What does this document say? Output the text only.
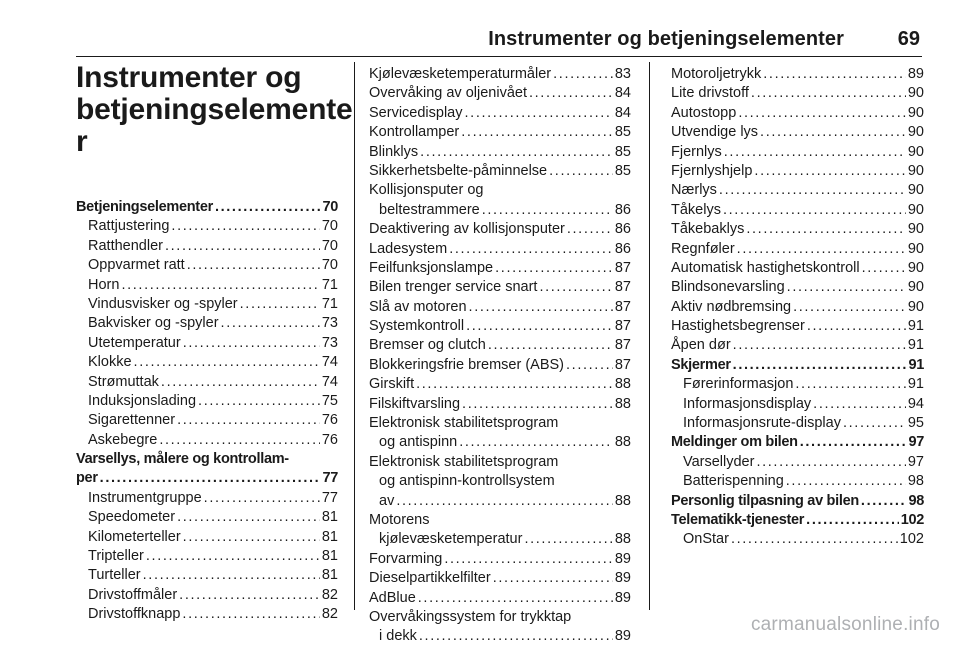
Instrumenter og betjeningselementer	69
Instrumenter og
betjeningselemente
r
Betjeningselementer . . .	70
Rattjustering . . .	70
Ratthendler . . .	70
Oppvarmet ratt . . .	70
Horn . . .	71
Vindusvisker og -spyler . . .	71
Bakvisker og -spyler . . .	73
Utetemperatur . . .	73
Klokke . . .	74
Strømuttak . . .	74
Induksjonslading . . .	75
Sigarettenner . . .	76
Askebegre . . .	76
Varsellys, målere og kontrollam-
per . . .	77
Instrumentgruppe . . .	77
Speedometer . . .	81
Kilometerteller . . .	81
Tripteller . . .	81
Turteller . . .	81
Drivstoffmåler . . .	82
Drivstoffknapp . . .	82
Kjølevæsketemperaturmåler . . .	83
Overvåking av oljenivået . . .	84
Servicedisplay . . .	84
Kontrollamper . . .	85
Blinklys . . .	85
Sikkerhetsbelte-påminnelse . . .	85
Kollisjonsputer og
beltestrammere . . .	86
Deaktivering av kollisjonsputer . . .	86
Ladesystem . . .	86
Feilfunksjonslampe . . .	87
Bilen trenger service snart . . .	87
Slå av motoren . . .	87
Systemkontroll . . .	87
Bremser og clutch . . .	87
Blokkeringsfrie bremser (ABS) . . .	87
Girskift . . .	88
Filskiftvarsling . . .	88
Elektronisk stabilitetsprogram
og antispinn . . .	88
Elektronisk stabilitetsprogram
og antispinn-kontrollsystem
av . . .	88
Motorens
kjølevæsketemperatur . . .	88
Forvarming . . .	89
Dieselpartikkelfilter . . .	89
AdBlue . . .	89
Overvåkingssystem for trykktap
i dekk . . .	89
Motoroljetrykk . . .	89
Lite drivstoff . . .	90
Autostopp . . .	90
Utvendige lys . . .	90
Fjernlys . . .	90
Fjernlyshjelp . . .	90
Nærlys . . .	90
Tåkelys . . .	90
Tåkebaklys . . .	90
Regnføler . . .	90
Automatisk hastighetskontroll . . .	90
Blindsonevarsling . . .	90
Aktiv nødbremsing . . .	90
Hastighetsbegrenser . . .	91
Åpen dør . . .	91
Skjermer . . .	91
Førerinformasjon . . .	91
Informasjonsdisplay . . .	94
Informasjonsrute-display . . .	95
Meldinger om bilen . . .	97
Varsellyder . . .	97
Batterispenning . . .	98
Personlig tilpasning av bilen . . .	98
Telematikk-tjenester . . .	102
OnStar . . .	102
carmanualsonline.info
